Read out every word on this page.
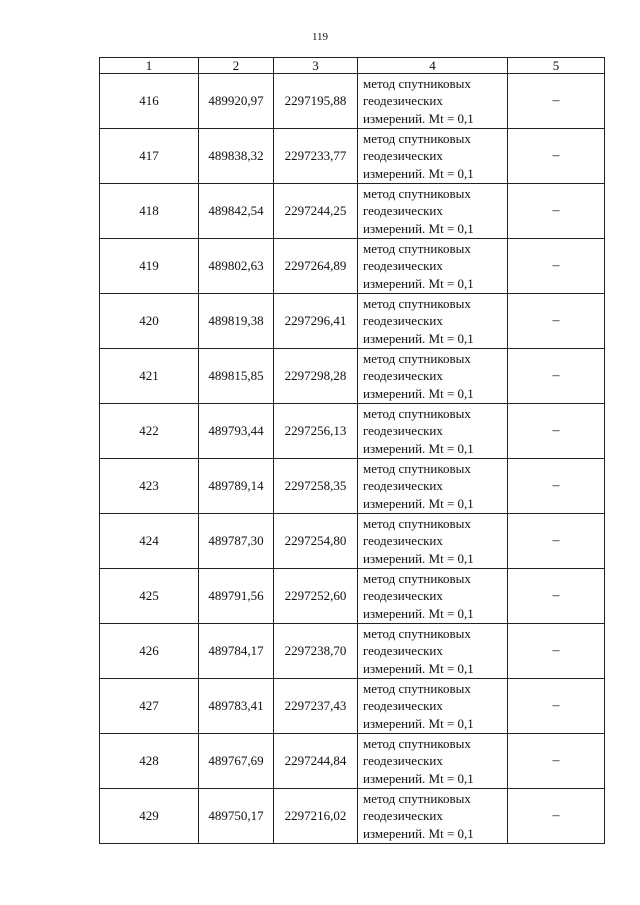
119
1	2	3	4	5
416	489920,97	2297195,88	метод спутниковых геодезических измерений. Mt = 0,1	–
417	489838,32	2297233,77	метод спутниковых геодезических измерений. Mt = 0,1	–
418	489842,54	2297244,25	метод спутниковых геодезических измерений. Mt = 0,1	–
419	489802,63	2297264,89	метод спутниковых геодезических измерений. Mt = 0,1	–
420	489819,38	2297296,41	метод спутниковых геодезических измерений. Mt = 0,1	–
421	489815,85	2297298,28	метод спутниковых геодезических измерений. Mt = 0,1	–
422	489793,44	2297256,13	метод спутниковых геодезических измерений. Mt = 0,1	–
423	489789,14	2297258,35	метод спутниковых геодезических измерений. Mt = 0,1	–
424	489787,30	2297254,80	метод спутниковых геодезических измерений. Mt = 0,1	–
425	489791,56	2297252,60	метод спутниковых геодезических измерений. Mt = 0,1	–
426	489784,17	2297238,70	метод спутниковых геодезических измерений. Mt = 0,1	–
427	489783,41	2297237,43	метод спутниковых геодезических измерений. Mt = 0,1	–
428	489767,69	2297244,84	метод спутниковых геодезических измерений. Mt = 0,1	–
429	489750,17	2297216,02	метод спутниковых геодезических измерений. Mt = 0,1	–
